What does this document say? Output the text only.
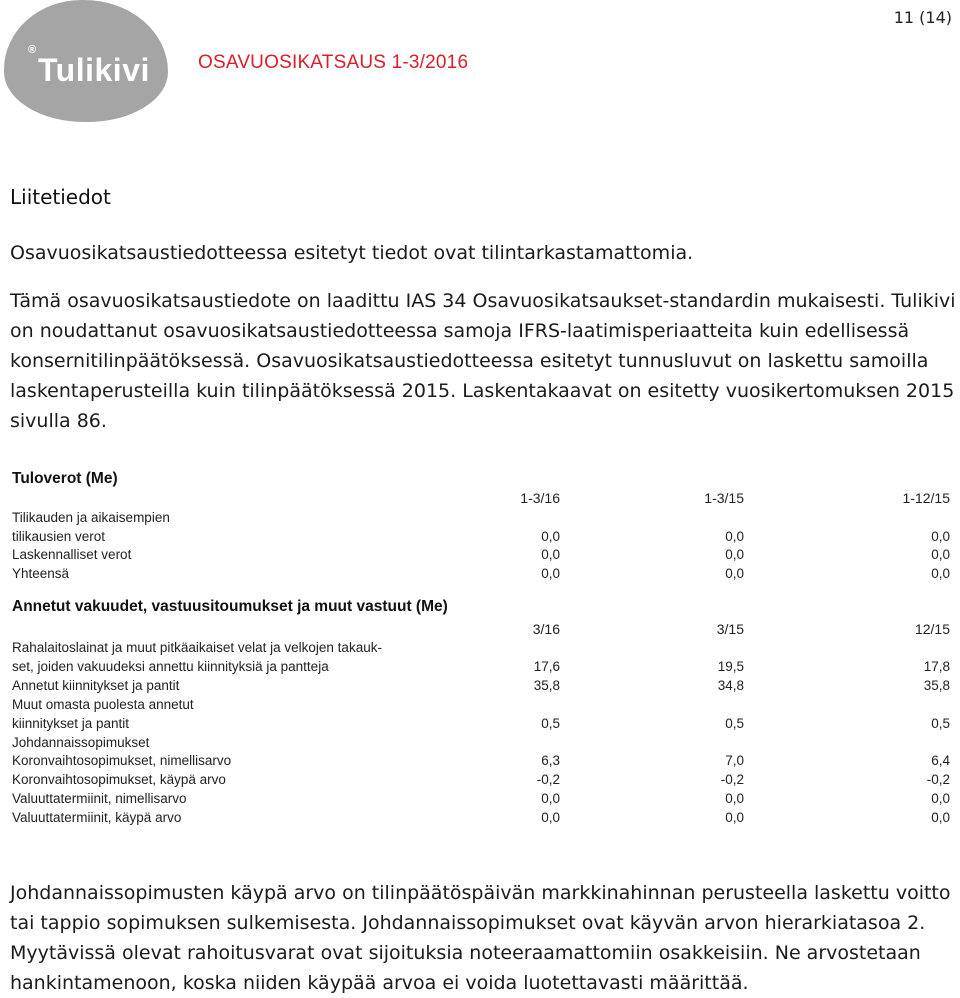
®
Tulikivi	OSAVUOSIKATSAUS 1-3/2016
11 (14)
Liitetiedot

Osavuosikatsaustiedotteessa esitetyt tiedot ovat tilintarkastamattomia.

Tämä osavuosikatsaustiedote on laadittu IAS 34 Osavuosikatsaukset-standardin mukaisesti. Tulikivi on noudattanut osavuosikatsaustiedotteessa samoja IFRS-laatimisperiaatteita kuin edellisessä konsernitilinpäätöksessä. Osavuosikatsaustiedotteessa esitetyt tunnusluvut on laskettu samoilla laskentaperusteilla kuin tilinpäätöksessä 2015. Laskentakaavat on esitetty vuosikertomuksen 2015 sivulla 86.

Tuloverot (Me)
1-3/16	1-3/15	1-12/15
Tilikauden ja aikaisempien
tilikausien verot	0,0	0,0	0,0
Laskennalliset verot	0,0	0,0	0,0
Yhteensä	0,0	0,0	0,0
Annetut vakuudet, vastuusitoumukset ja muut vastuut (Me)
3/16	3/15	12/15
Rahalaitoslainat ja muut pitkäaikaiset velat ja velkojen takauk-
set, joiden vakuudeksi annettu kiinnityksiä ja pantteja	17,6	19,5	17,8
Annetut kiinnitykset ja pantit	35,8	34,8	35,8
Muut omasta puolesta annetut
kiinnitykset ja pantit	0,5	0,5	0,5
Johdannaissopimukset
Koronvaihtosopimukset, nimellisarvo	6,3	7,0	6,4
Koronvaihtosopimukset, käypä arvo	-0,2	-0,2	-0,2
Valuuttatermiinit, nimellisarvo	0,0	0,0	0,0
Valuuttatermiinit, käypä arvo	0,0	0,0	0,0

Johdannaissopimusten käypä arvo on tilinpäätöspäivän markkinahinnan perusteella laskettu voitto tai tappio sopimuksen sulkemisesta. Johdannaissopimukset ovat käyvän arvon hierarkiatasoa 2. Myytävissä olevat rahoitusvarat ovat sijoituksia noteeraamattomiin osakkeisiin. Ne arvostetaan hankintamenoon, koska niiden käypää arvoa ei voida luotettavasti määrittää.
